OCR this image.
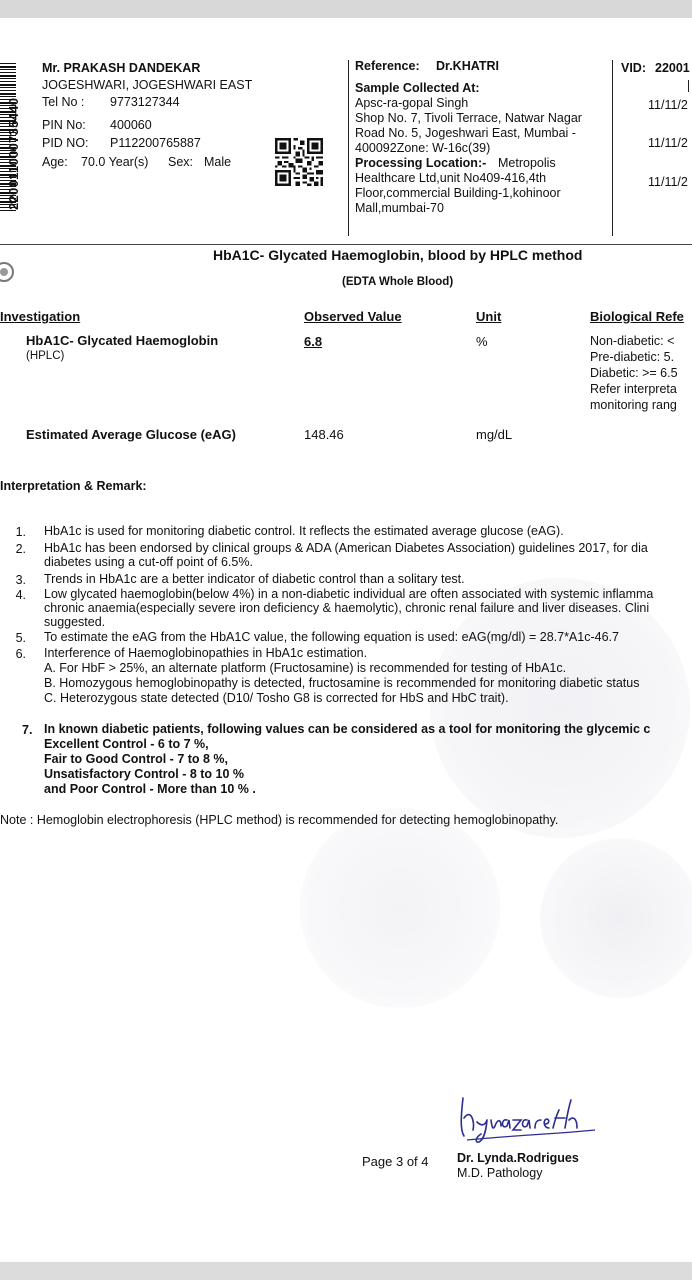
220011000735440
Mr. PRAKASH DANDEKAR
JOGESHWARI, JOGESHWARI EAST
Tel No : 9773127344
PIN No: 400060
PID NO: P112200765887
Age: 70.0 Year(s) Sex: Male
Reference: Dr.KHATRI
Sample Collected At:
Apsc-ra-gopal Singh
Shop No. 7, Tivoli Terrace, Natwar Nagar
Road No. 5, Jogeshwari East, Mumbai -
400092Zone: W-16c(39)
Processing Location:- Metropolis
Healthcare Ltd,unit No409-416,4th
Floor,commercial Building-1,kohinoor
Mall,mumbai-70
VID: 22001
11/11/2
11/11/2
11/11/2
HbA1C- Glycated Haemoglobin, blood by HPLC method
(EDTA Whole Blood)
Investigation	Observed Value	Unit	Biological Refe
HbA1C- Glycated Haemoglobin
(HPLC)
6.8	%	Non-diabetic: <
Pre-diabetic: 5.
Diabetic: >= 6.5
Refer interpreta
monitoring rang
Estimated Average Glucose (eAG)	148.46	mg/dL
Interpretation & Remark:
1. HbA1c is used for monitoring diabetic control. It reflects the estimated average glucose (eAG).
2. HbA1c has been endorsed by clinical groups & ADA (American Diabetes Association) guidelines 2017, for dia
diabetes using a cut-off point of 6.5%.
3. Trends in HbA1c are a better indicator of diabetic control than a solitary test.
4. Low glycated haemoglobin(below 4%) in a non-diabetic individual are often associated with systemic inflamma
chronic anaemia(especially severe iron deficiency & haemolytic), chronic renal failure and liver diseases. Clini
suggested.
5. To estimate the eAG from the HbA1C value, the following equation is used: eAG(mg/dl) = 28.7*A1c-46.7
6. Interference of Haemoglobinopathies in HbA1c estimation.
A. For HbF > 25%, an alternate platform (Fructosamine) is recommended for testing of HbA1c.
B. Homozygous hemoglobinopathy is detected, fructosamine is recommended for monitoring diabetic status
C. Heterozygous state detected (D10/ Tosho G8 is corrected for HbS and HbC trait).
7. In known diabetic patients, following values can be considered as a tool for monitoring the glycemic c
Excellent Control - 6 to 7 %,
Fair to Good Control - 7 to 8 %,
Unsatisfactory Control - 8 to 10 %
and Poor Control - More than 10 % .
Note : Hemoglobin electrophoresis (HPLC method) is recommended for detecting hemoglobinopathy.
Page 3 of 4 Dr. Lynda.Rodrigues
M.D. Pathology
